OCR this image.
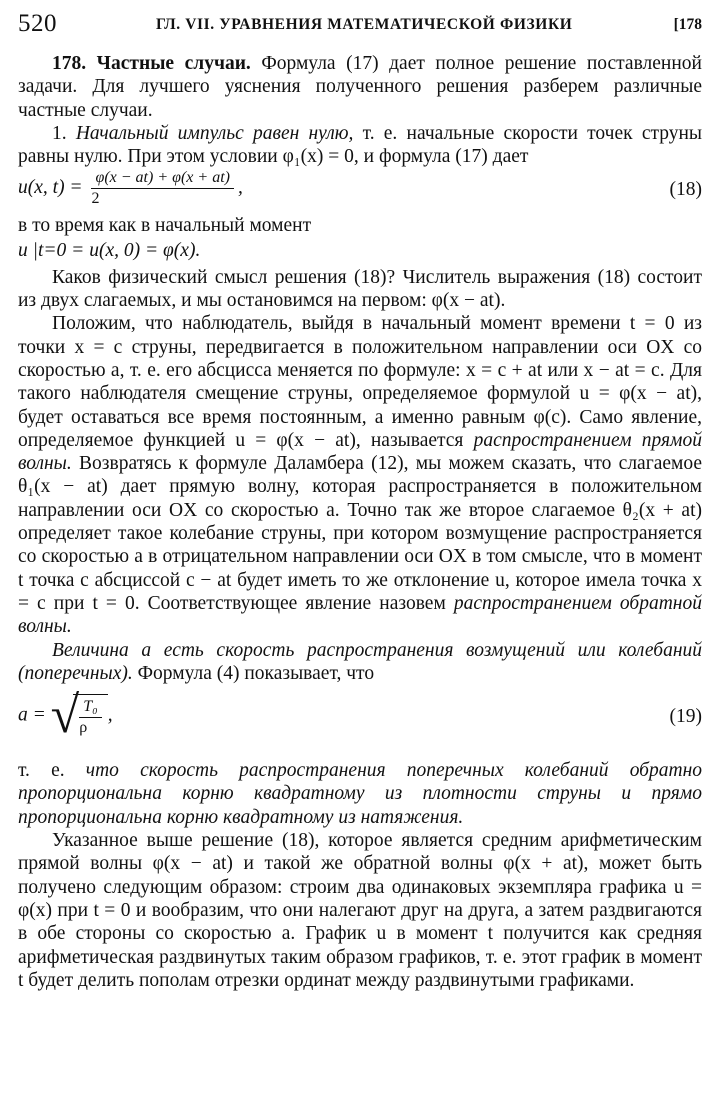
520	ГЛ. VII. УРАВНЕНИЯ МАТЕМАТИЧЕСКОЙ ФИЗИКИ	[178

178. Частные случаи. Формула (17) дает полное решение поставленной задачи. Для лучшего уяснения полученного решения разберем различные частные случаи.

1. Начальный импульс равен нулю, т. е. начальные скорости точек струны равны нулю. При этом условии φ₁(x) = 0, и формула (17) дает

u(x, $t) = \frac{\varphi(x - at) + \varphi(x + at)}{2}$ ,	(18)

в то время как в начальный момент

u |t=0 = u(x, 0) = φ(x).

Каков физический смысл решения (18)? Числитель выражения (18) состоит из двух слагаемых, и мы остановимся на первом: φ(x − at).

Положим, что наблюдатель, выйдя в начальный момент времени t = 0 из точки x = c струны, передвигается в положительном направлении оси OX со скоростью a, т. е. его абсцисса меняется по формуле: x = c + at или x − at = c. Для такого наблюдателя смещение струны, определяемое формулой u = φ(x − at), будет оставаться все время постоянным, а именно равным φ(c). Само явление, определяемое функцией u = φ(x − at), называется распространением прямой волны. Возвратясь к формуле Даламбера (12), мы можем сказать, что слагаемое θ₁(x − at) дает прямую волну, которая распространяется в положительном направлении оси OX со скоростью a. Точно так же второе слагаемое θ₂(x + at) определяет такое колебание струны, при котором возмущение распространяется со скоростью a в отрицательном направлении оси OX в том смысле, что в момент t точка с абсциссой c − at будет иметь то же отклонение u, которое имела точка x = c при t = 0. Соответствующее явление назовем распространением обратной волны.

Величина a есть скорость распространения возмущений или колебаний (поперечных). Формула (4) показывает, что

a = √ $\frac{\text{T₀}}{\rho}$ ,	(19)

т. е. что скорость распространения поперечных колебаний обратно пропорциональна корню квадратному из плотности струны и прямо пропорциональна корню квадратному из натяжения.

Указанное выше решение (18), которое является средним арифметическим прямой волны φ(x − at) и такой же обратной волны φ(x + at), может быть получено следующим образом: строим два одинаковых экземпляра графика u = φ(x) при t = 0 и вообразим, что они налегают друг на друга, а затем раздвигаются в обе стороны со скоростью a. График u в момент t получится как средняя арифметическая раздвинутых таким образом графиков, т. е. этот график в момент t будет делить пополам отрезки ординат между раздвинутыми графиками.
